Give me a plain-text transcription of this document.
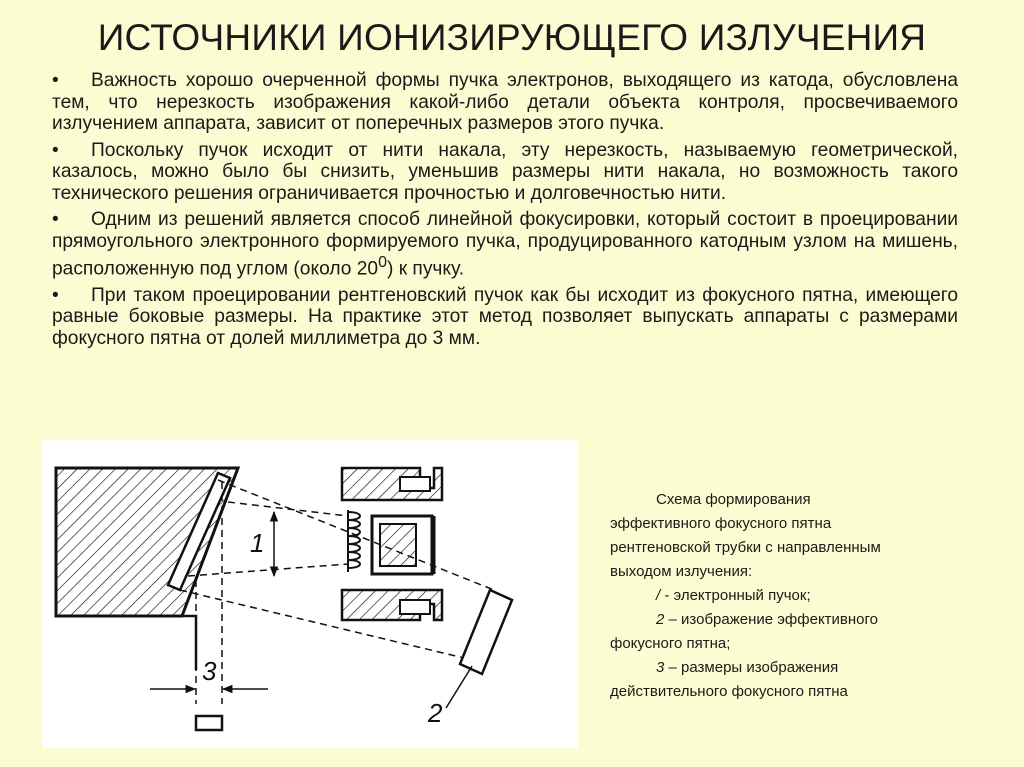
ИСТОЧНИКИ ИОНИЗИРУЮЩЕГО ИЗЛУЧЕНИЯ
• Важность хорошо очерченной формы пучка электронов, выходящего из катода, обусловлена тем, что нерезкость изображения какой-либо детали объекта контроля, просвечиваемого излучением аппарата, зависит от поперечных размеров этого пучка.
• Поскольку пучок исходит от нити накала, эту нерезкость, называемую геометрической, казалось, можно было бы снизить, уменьшив размеры нити накала, но возможность такого технического решения ограничивается прочностью и долговечностью нити.
• Одним из решений является способ линейной фокусировки, который состоит в проецировании прямоугольного электронного формируемого пучка, продуцированного катодным узлом на мишень, расположенную под углом (около $20^0$) к пучку.
• При таком проецировании рентгеновский пучок как бы исходит из фокусного пятна, имеющего равные боковые размеры. На практике этот метод позволяет выпускать аппараты с размерами фокусного пятна от долей миллиметра до 3 мм.
1
2
3
Схема формирования
эффективного фокусного пятна
рентгеновской трубки с направленным
выходом излучения:
/ - электронный пучок;
2 – изображение эффективного
фокусного пятна;
3 – размеры изображения
действительного фокусного пятна
